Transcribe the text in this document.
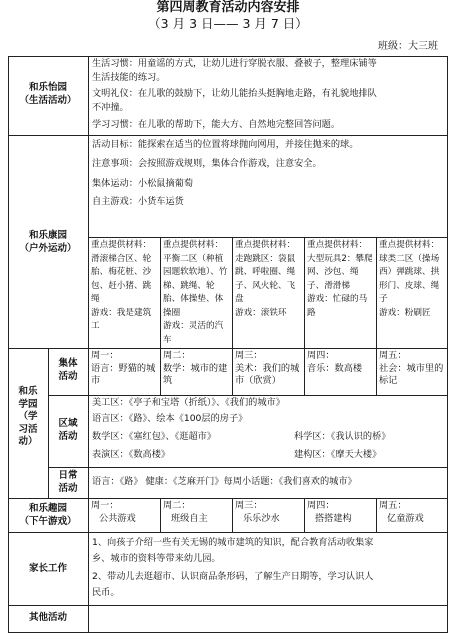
第四周教育活动内容安排
（3 月 3 日—— 3 月 7 日）
班级：大三班
和乐怡园
（生活活动）
生活习惯：用童谣的方式，让幼儿进行穿脱衣服、叠被子，整理床铺等
生活技能的练习。
文明礼仪：在儿歌的鼓励下，让幼儿能抬头挺胸地走路，有礼貌地排队
不冲撞。
学习习惯：在儿歌的帮助下，能大方、自然地完整回答问题。
和乐康园
（户外运动）
活动目标：能探索在适当的位置将球抛向网用，并接住抛来的球。
注意事项：会按照游戏规则，集体合作游戏，注意安全。
集体运动：小松鼠摘葡萄
自主游戏：小货车运货
重点提供材料：滑滚梯合区、轮胎、梅花桩、沙包、赶小猪、跳绳
游戏：我是建筑工
重点提供材料：平衡二区（种植园题软软地）、竹梯、跳绳、轮胎、体操垫、体操圈
游戏：灵活的汽车
重点提供材料：走跑跳区：袋鼠跳、呼啦圈、绳子、风火轮、飞盘
游戏：滚铁环
重点提供材料：大型玩具2：攀爬网、沙包、绳子、滑滑梯
游戏：忙碌的马路
重点提供材料：球类二区（操场西）弹跳球、拱形门、皮球、绳子
游戏：粉刷匠
和乐
学园
（学
习活
动）
集体
活动
周一：
语言：野猫的城市
周二：
数学：城市的建筑
周三：
美术：我们的城市（欣赏）
周四：
音乐：数高楼
周五：
社会：城市里的标记
区域
活动
美工区：《亭子和宝塔（折纸）》、《我们的城市》
语言区：《路》、绘本《100层的房子》
数学区：《塞红包》、《逛超市》	科学区：《我认识的桥》
表演区：《数高楼》	建构区：《摩天大楼》
日常
活动
语言：《路》 健康：《芝麻开门》每周小话题：《我们喜欢的城市》
和乐趣园
（下午游戏）
周一：
公共游戏
周二：
班级自主
周三：
乐乐沙水
周四：
搭搭建构
周五：
亿童游戏
家长工作
1、向孩子介绍一些有关无锡的城市建筑的知识，配合教育活动收集家
乡、城市的资料等带来幼儿园。
2、带动儿去逛超市、认识商品条形码，了解生产日期等，学习认识人
民币。
其他活动
